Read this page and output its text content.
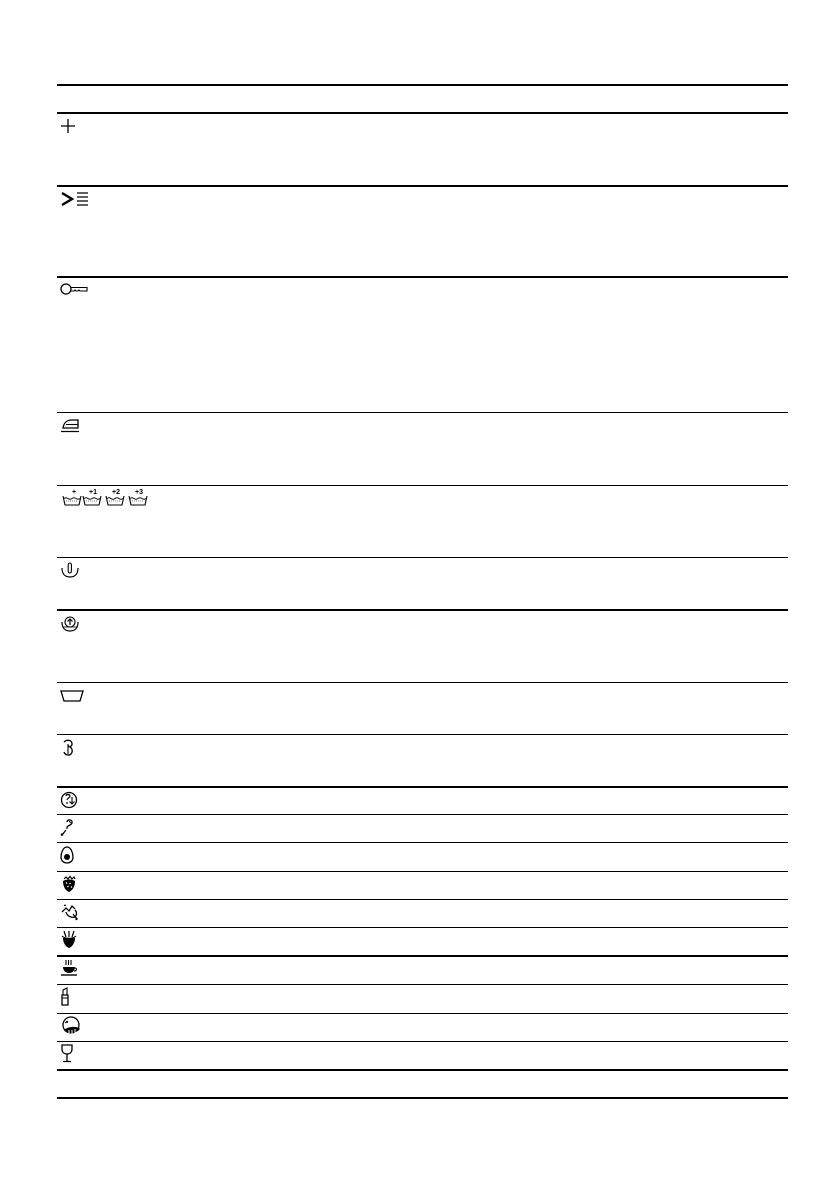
+ +1 +2 +3
